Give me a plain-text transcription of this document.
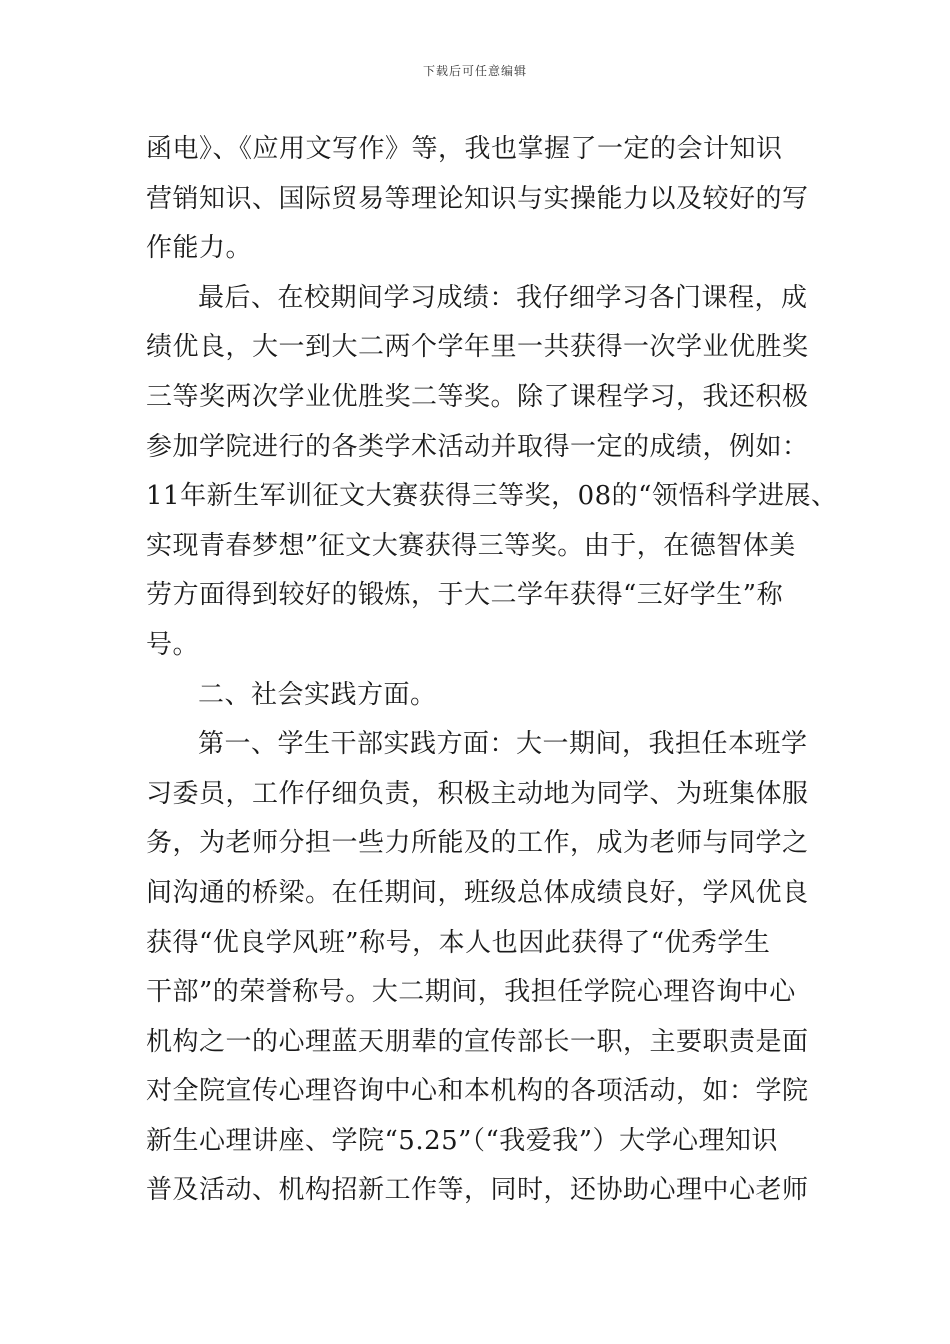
下载后可任意编辑
函电》、《应用文写作》等，我也掌握了一定的会计知识
营销知识、国际贸易等理论知识与实操能力以及较好的写
作能力。
最后、在校期间学习成绩：我仔细学习各门课程，成
绩优良，大一到大二两个学年里一共获得一次学业优胜奖
三等奖两次学业优胜奖二等奖。除了课程学习，我还积极
参加学院进行的各类学术活动并取得一定的成绩，例如：
11年新生军训征文大赛获得三等奖，08的“领悟科学进展、
实现青春梦想”征文大赛获得三等奖。由于，在德智体美
劳方面得到较好的锻炼，于大二学年获得“三好学生”称
号。
二、社会实践方面。
第一、学生干部实践方面：大一期间，我担任本班学
习委员，工作仔细负责，积极主动地为同学、为班集体服
务，为老师分担一些力所能及的工作，成为老师与同学之
间沟通的桥梁。在任期间，班级总体成绩良好，学风优良
获得“优良学风班”称号，本人也因此获得了“优秀学生
干部”的荣誉称号。大二期间，我担任学院心理咨询中心
机构之一的心理蓝天朋辈的宣传部长一职，主要职责是面
对全院宣传心理咨询中心和本机构的各项活动，如：学院
新生心理讲座、学院“5.25”（“我爱我”）大学心理知识
普及活动、机构招新工作等，同时，还协助心理中心老师
